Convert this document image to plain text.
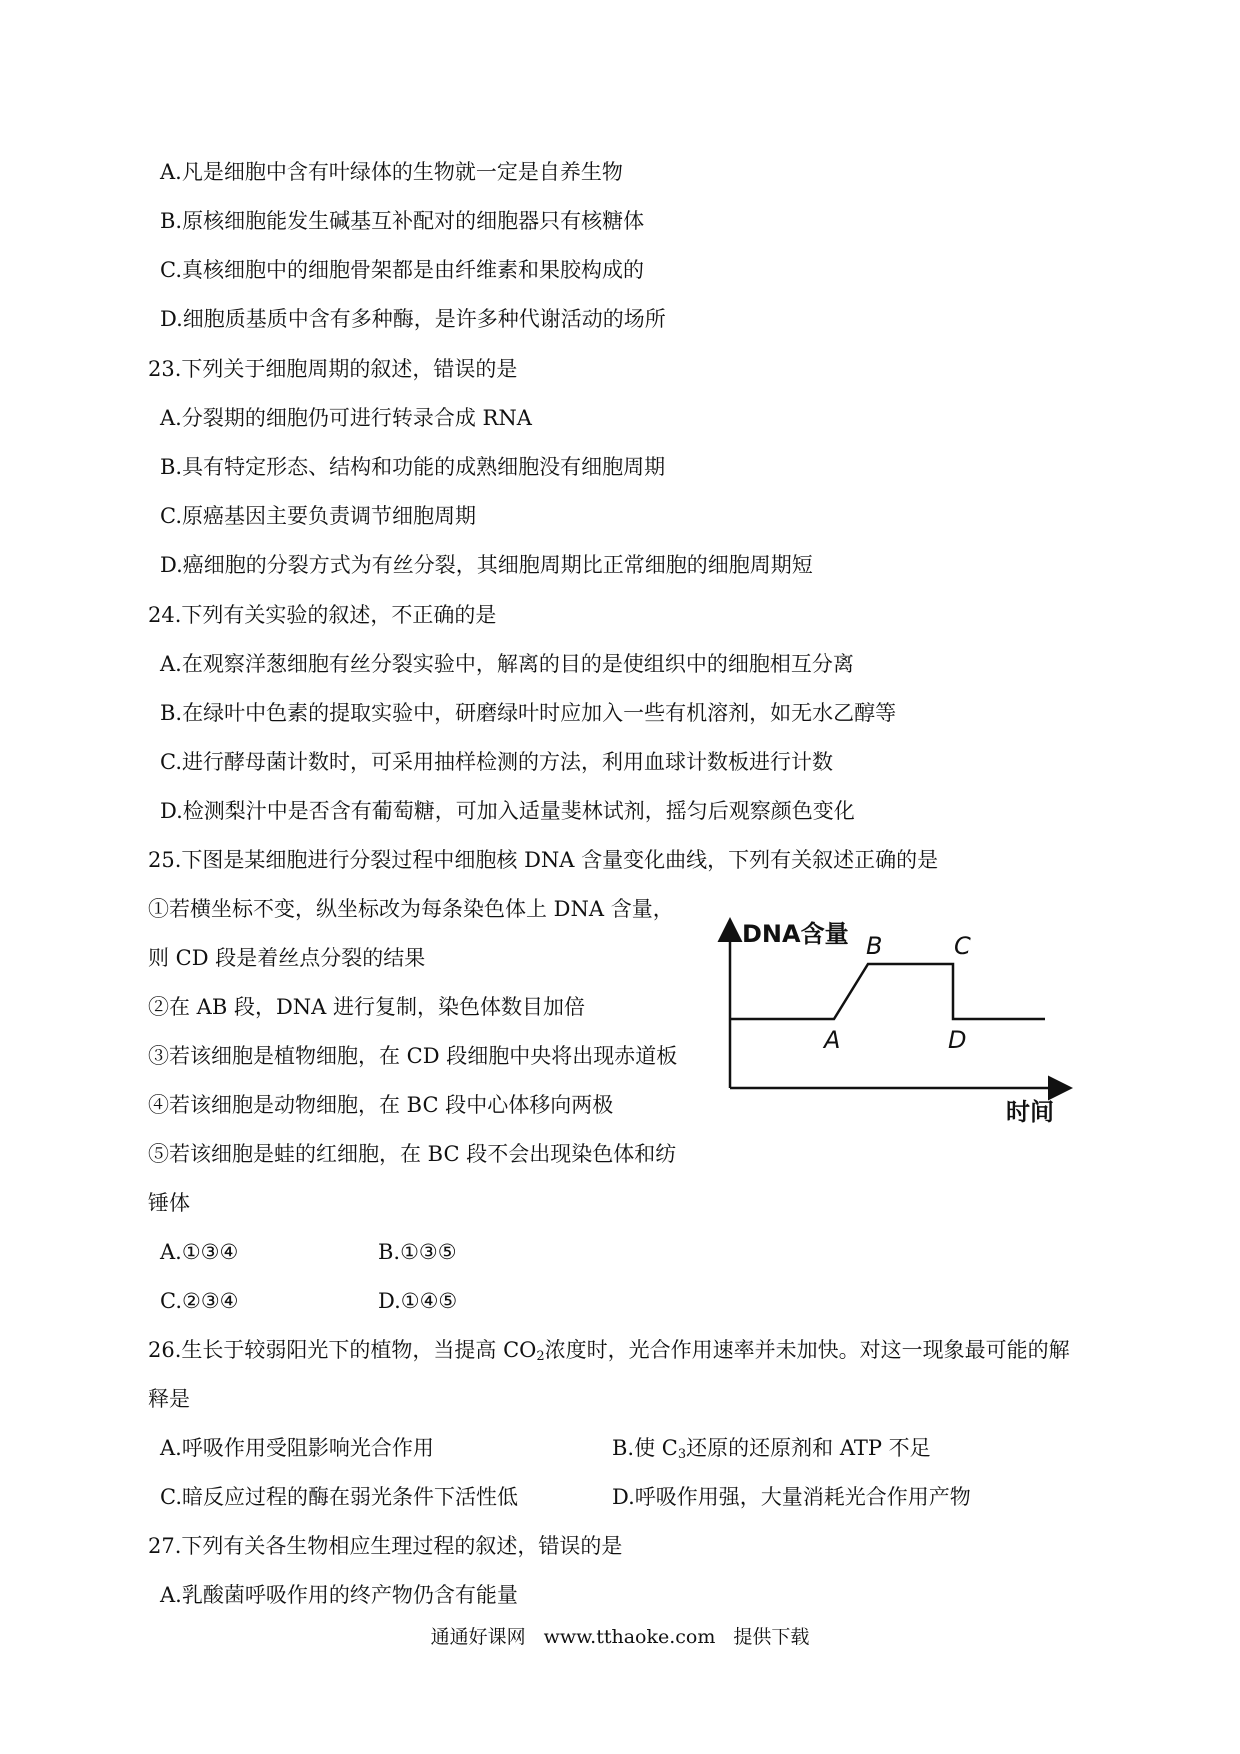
A.凡是细胞中含有叶绿体的生物就一定是自养生物
B.原核细胞能发生碱基互补配对的细胞器只有核糖体
C.真核细胞中的细胞骨架都是由纤维素和果胶构成的
D.细胞质基质中含有多种酶，是许多种代谢活动的场所
23.下列关于细胞周期的叙述，错误的是
A.分裂期的细胞仍可进行转录合成 RNA
B.具有特定形态、结构和功能的成熟细胞没有细胞周期
C.原癌基因主要负责调节细胞周期
D.癌细胞的分裂方式为有丝分裂，其细胞周期比正常细胞的细胞周期短
24.下列有关实验的叙述，不正确的是
A.在观察洋葱细胞有丝分裂实验中，解离的目的是使组织中的细胞相互分离
B.在绿叶中色素的提取实验中，研磨绿叶时应加入一些有机溶剂，如无水乙醇等
C.进行酵母菌计数时，可采用抽样检测的方法，利用血球计数板进行计数
D.检测梨汁中是否含有葡萄糖，可加入适量斐林试剂，摇匀后观察颜色变化
25.下图是某细胞进行分裂过程中细胞核 DNA 含量变化曲线，下列有关叙述正确的是
①若横坐标不变，纵坐标改为每条染色体上 DNA 含量，
则 CD 段是着丝点分裂的结果
②在 AB 段，DNA 进行复制，染色体数目加倍
③若该细胞是植物细胞，在 CD 段细胞中央将出现赤道板
④若该细胞是动物细胞，在 BC 段中心体移向两极
⑤若该细胞是蛙的红细胞，在 BC 段不会出现染色体和纺
锤体
A.①③④	B.①③⑤
C.②③④	D.①④⑤
DNA含量
时间
A
B	C
D
26.生长于较弱阳光下的植物，当提高 $CO_2$浓度时，光合作用速率并未加快。对这一现象最可能的解
释是
A.呼吸作用受阻影响光合作用	B.使 $C_3$还原的还原剂和 ATP 不足
C.暗反应过程的酶在弱光条件下活性低	D.呼吸作用强，大量消耗光合作用产物
27.下列有关各生物相应生理过程的叙述，错误的是
A.乳酸菌呼吸作用的终产物仍含有能量
通通好课网 www.tthaoke.com 提供下载
